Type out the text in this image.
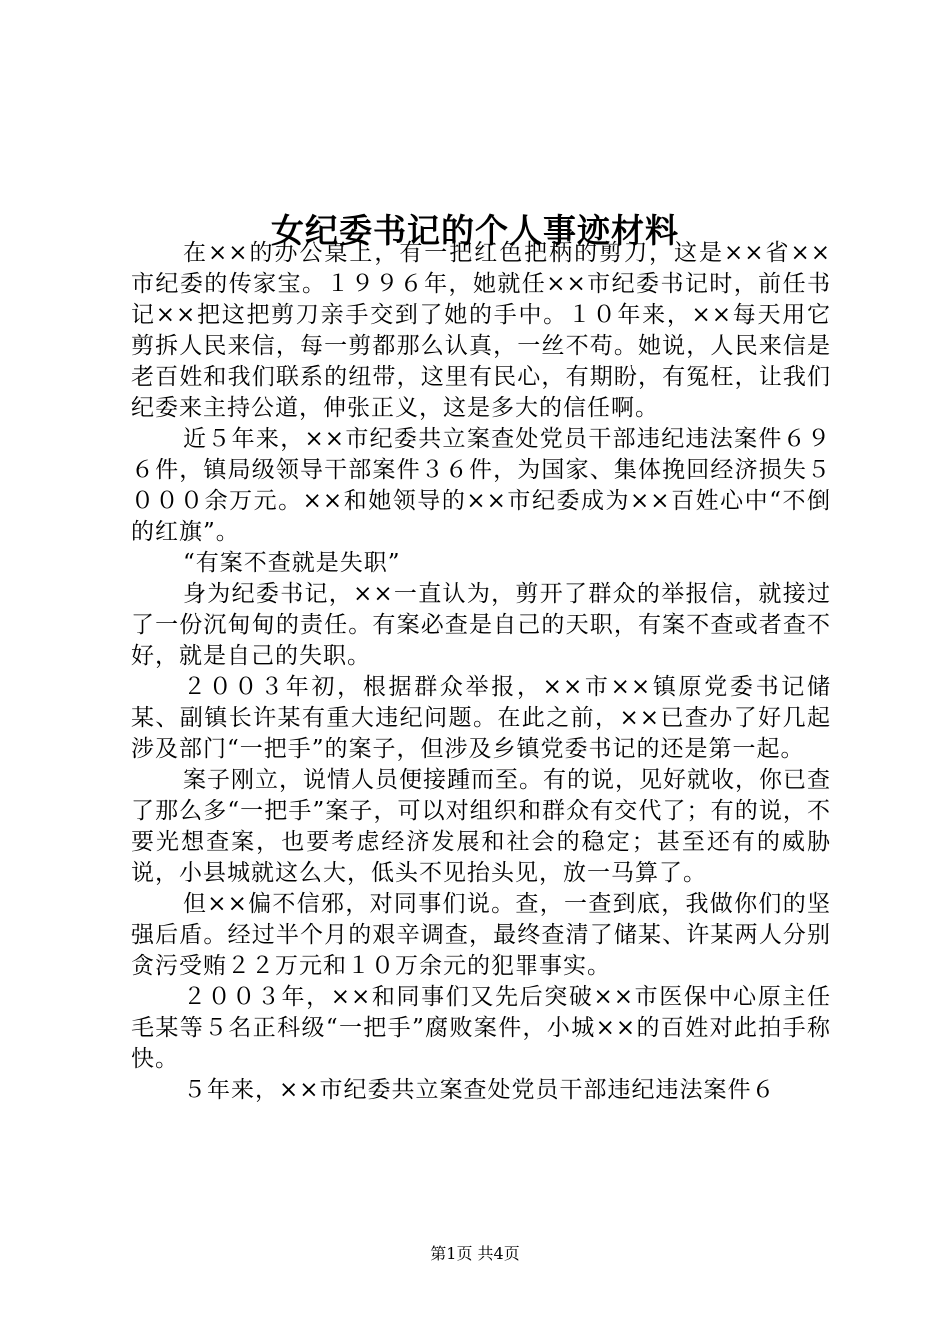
女纪委书记的个人事迹材料

在××的办公桌上，有一把红色把柄的剪刀，这是××省××市纪委的传家宝。１９９６年，她就任××市纪委书记时，前任书记××把这把剪刀亲手交到了她的手中。１０年来，××每天用它剪拆人民来信，每一剪都那么认真，一丝不苟。她说，人民来信是老百姓和我们联系的纽带，这里有民心，有期盼，有冤枉，让我们纪委来主持公道，伸张正义，这是多大的信任啊。

近５年来，××市纪委共立案查处党员干部违纪违法案件６９６件，镇局级领导干部案件３６件，为国家、集体挽回经济损失５０００余万元。××和她领导的××市纪委成为××百姓心中“不倒的红旗”。

“有案不查就是失职”

身为纪委书记，××一直认为，剪开了群众的举报信，就接过了一份沉甸甸的责任。有案必查是自己的天职，有案不查或者查不好，就是自己的失职。

２００３年初，根据群众举报，××市××镇原党委书记储某、副镇长许某有重大违纪问题。在此之前，××已查办了好几起涉及部门“一把手”的案子，但涉及乡镇党委书记的还是第一起。

案子刚立，说情人员便接踵而至。有的说，见好就收，你已查了那么多“一把手”案子，可以对组织和群众有交代了；有的说，不要光想查案，也要考虑经济发展和社会的稳定；甚至还有的威胁说，小县城就这么大，低头不见抬头见，放一马算了。

但××偏不信邪，对同事们说。查，一查到底，我做你们的坚强后盾。经过半个月的艰辛调查，最终查清了储某、许某两人分别贪污受贿２２万元和１０万余元的犯罪事实。

２００３年，××和同事们又先后突破××市医保中心原主任毛某等５名正科级“一把手”腐败案件，小城××的百姓对此拍手称快。

５年来，××市纪委共立案查处党员干部违纪违法案件６

第1页 共4页
